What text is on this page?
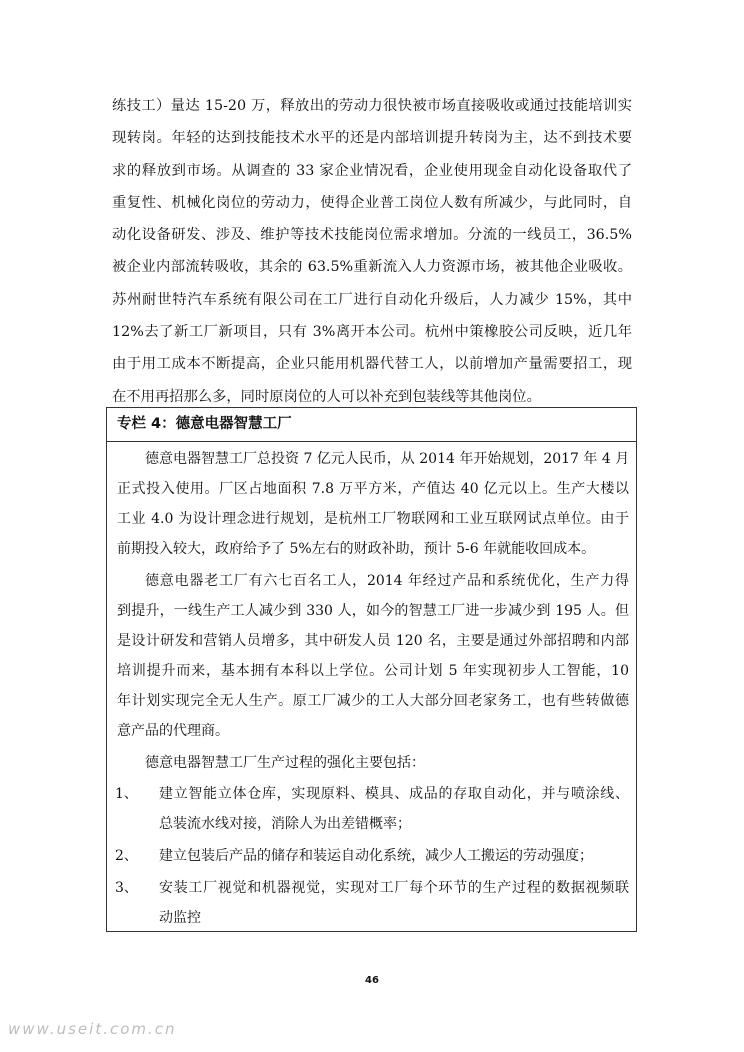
练技工）量达 15-20 万，释放出的劳动力很快被市场直接吸收或通过技能培训实
现转岗。年轻的达到技能技术水平的还是内部培训提升转岗为主，达不到技术要
求的释放到市场。从调查的 33 家企业情况看，企业使用现金自动化设备取代了
重复性、机械化岗位的劳动力，使得企业普工岗位人数有所减少，与此同时，自
动化设备研发、涉及、维护等技术技能岗位需求增加。分流的一线员工，36.5%
被企业内部流转吸收，其余的 63.5%重新流入人力资源市场，被其他企业吸收。
苏州耐世特汽车系统有限公司在工厂进行自动化升级后，人力减少 15%，其中
12%去了新工厂新项目，只有 3%离开本公司。杭州中策橡胶公司反映，近几年
由于用工成本不断提高，企业只能用机器代替工人，以前增加产量需要招工，现
在不用再招那么多，同时原岗位的人可以补充到包装线等其他岗位。
专栏 4：德意电器智慧工厂
德意电器智慧工厂总投资 7 亿元人民币，从 2014 年开始规划，2017 年 4 月
正式投入使用。厂区占地面积 7.8 万平方米，产值达 40 亿元以上。生产大楼以
工业 4.0 为设计理念进行规划，是杭州工厂物联网和工业互联网试点单位。由于
前期投入较大，政府给予了 5%左右的财政补助，预计 5-6 年就能收回成本。
德意电器老工厂有六七百名工人，2014 年经过产品和系统优化，生产力得
到提升，一线生产工人减少到 330 人，如今的智慧工厂进一步减少到 195 人。但
是设计研发和营销人员增多，其中研发人员 120 名，主要是通过外部招聘和内部
培训提升而来，基本拥有本科以上学位。公司计划 5 年实现初步人工智能，10
年计划实现完全无人生产。原工厂减少的工人大部分回老家务工，也有些转做德
意产品的代理商。
德意电器智慧工厂生产过程的强化主要包括：
1、 建立智能立体仓库，实现原料、模具、成品的存取自动化，并与喷涂线、
总装流水线对接，消除人为出差错概率；
2、 建立包装后产品的储存和装运自动化系统，减少人工搬运的劳动强度；
3、 安装工厂视觉和机器视觉，实现对工厂每个环节的生产过程的数据视频联
动监控
46
www.useit.com.cn
